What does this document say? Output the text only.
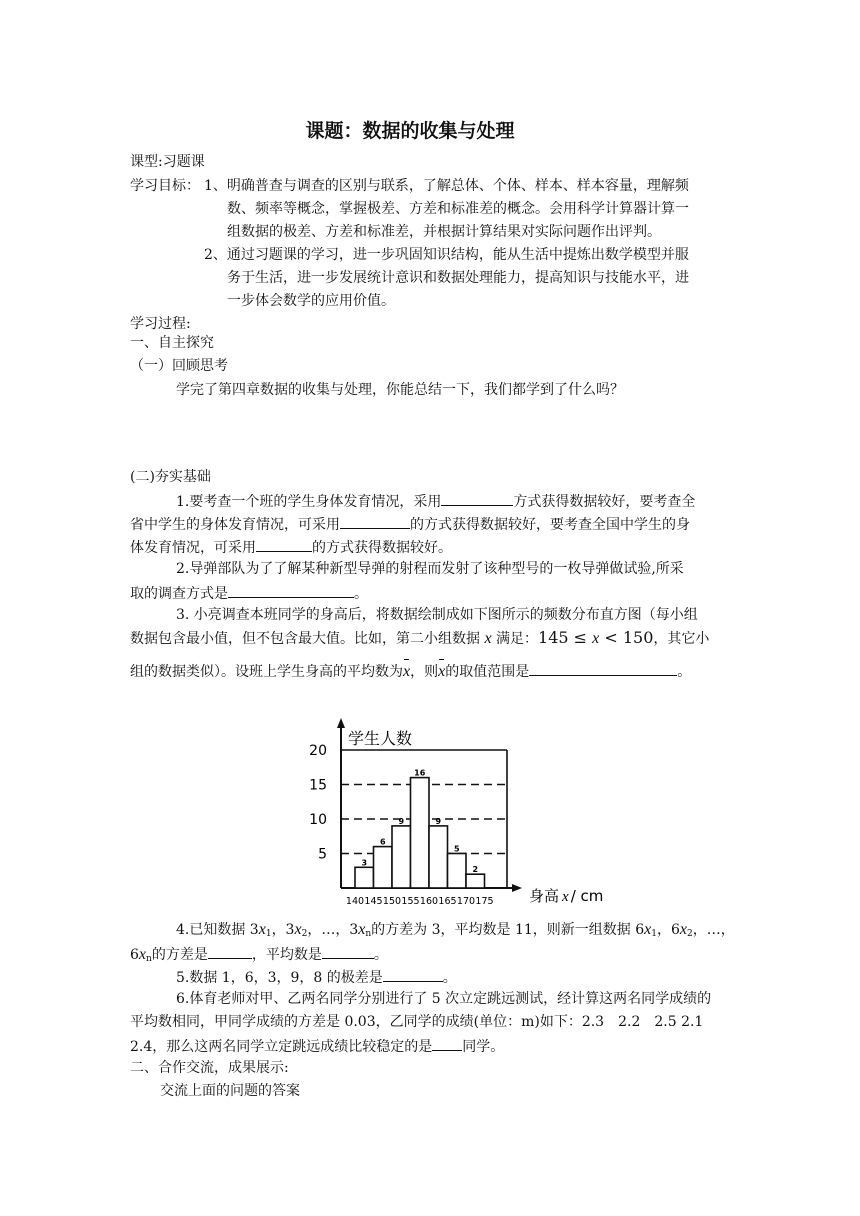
课题：数据的收集与处理
课型:习题课
学习目标： 1、明确普查与调查的区别与联系，了解总体、个体、样本、样本容量，理解频
数、频率等概念，掌握极差、方差和标准差的概念。会用科学计算器计算一
组数据的极差、方差和标准差，并根据计算结果对实际问题作出评判。
2、通过习题课的学习，进一步巩固知识结构，能从生活中提炼出数学模型并服
务于生活，进一步发展统计意识和数据处理能力，提高知识与技能水平，进
一步体会数学的应用价值。
学习过程:
一、自主探究
（一）回顾思考
学完了第四章数据的收集与处理，你能总结一下，我们都学到了什么吗？
(二)夯实基础
1.要考查一个班的学生身体发育情况，采用	方式获得数据较好，要考查全
省中学生的身体发育情况，可采用	的方式获得数据较好，要考查全国中学生的身
体发育情况，可采用	的方式获得数据较好。
2.导弹部队为了了解某种新型导弹的射程而发射了该种型号的一枚导弹做试验,所采
取的调查方式是	。
3. 小亮调查本班同学的身高后，将数据绘制成如下图所示的频数分布直方图（每小组
数据包含最小值，但不包含最大值。比如，第二小组数据 x 满足：145 ≤ x < 150，其它小
组的数据类似）。设班上学生身高的平均数为x，则x的取值范围是	。
3
6
9
16
9
5
2
140 145 150 155 160 165 170 175
5
10
15
20
学生人数
身高 x / cm
4.已知数据 $3x_1$，$3x_2$，…，$3x_n$的方差为 3，平均数是 11，则新一组数据 $6x_1$，$6x_2$，…，
$6x_n$的方差是	，平均数是	。
5.数据 1，6，3，9，8 的极差是	。
6.体育老师对甲、乙两名同学分别进行了 5 次立定跳远测试，经计算这两名同学成绩的
平均数相同，甲同学成绩的方差是 0.03，乙同学的成绩(单位：m)如下：2.3　2.2　2.5 2.1
2.4，那么这两名同学立定跳远成绩比较稳定的是 同学。
二、合作交流，成果展示:
交流上面的问题的答案
